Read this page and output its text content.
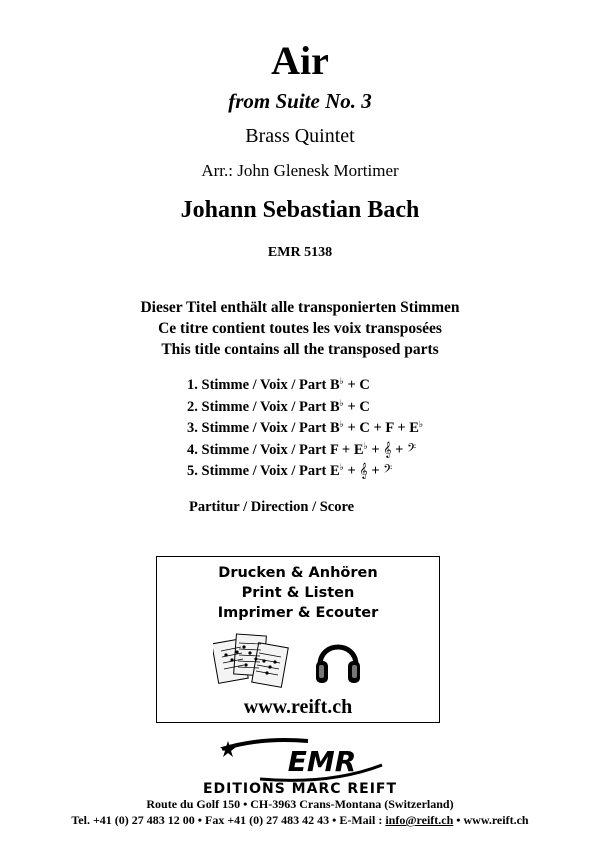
Air
from Suite No. 3
Brass Quintet
Arr.: John Glenesk Mortimer
Johann Sebastian Bach
EMR 5138
Dieser Titel enthält alle transponierten Stimmen
Ce titre contient toutes les voix transposées
This title contains all the transposed parts
1. Stimme / Voix / Part B♭ + C
2. Stimme / Voix / Part B♭ + C
3. Stimme / Voix / Part B♭ + C + F + E♭
4. Stimme / Voix / Part F + E♭ + 𝄞 + 𝄢
5. Stimme / Voix / Part E♭ + 𝄞 + 𝄢
Partitur / Direction / Score
Drucken & Anhören
Print & Listen
Imprimer & Ecouter
www.reift.ch
EMR
EDITIONS MARC REIFT
Route du Golf 150 • CH-3963 Crans-Montana (Switzerland)
Tel. +41 (0) 27 483 12 00 • Fax +41 (0) 27 483 42 43 • E-Mail : info@reift.ch • www.reift.ch
